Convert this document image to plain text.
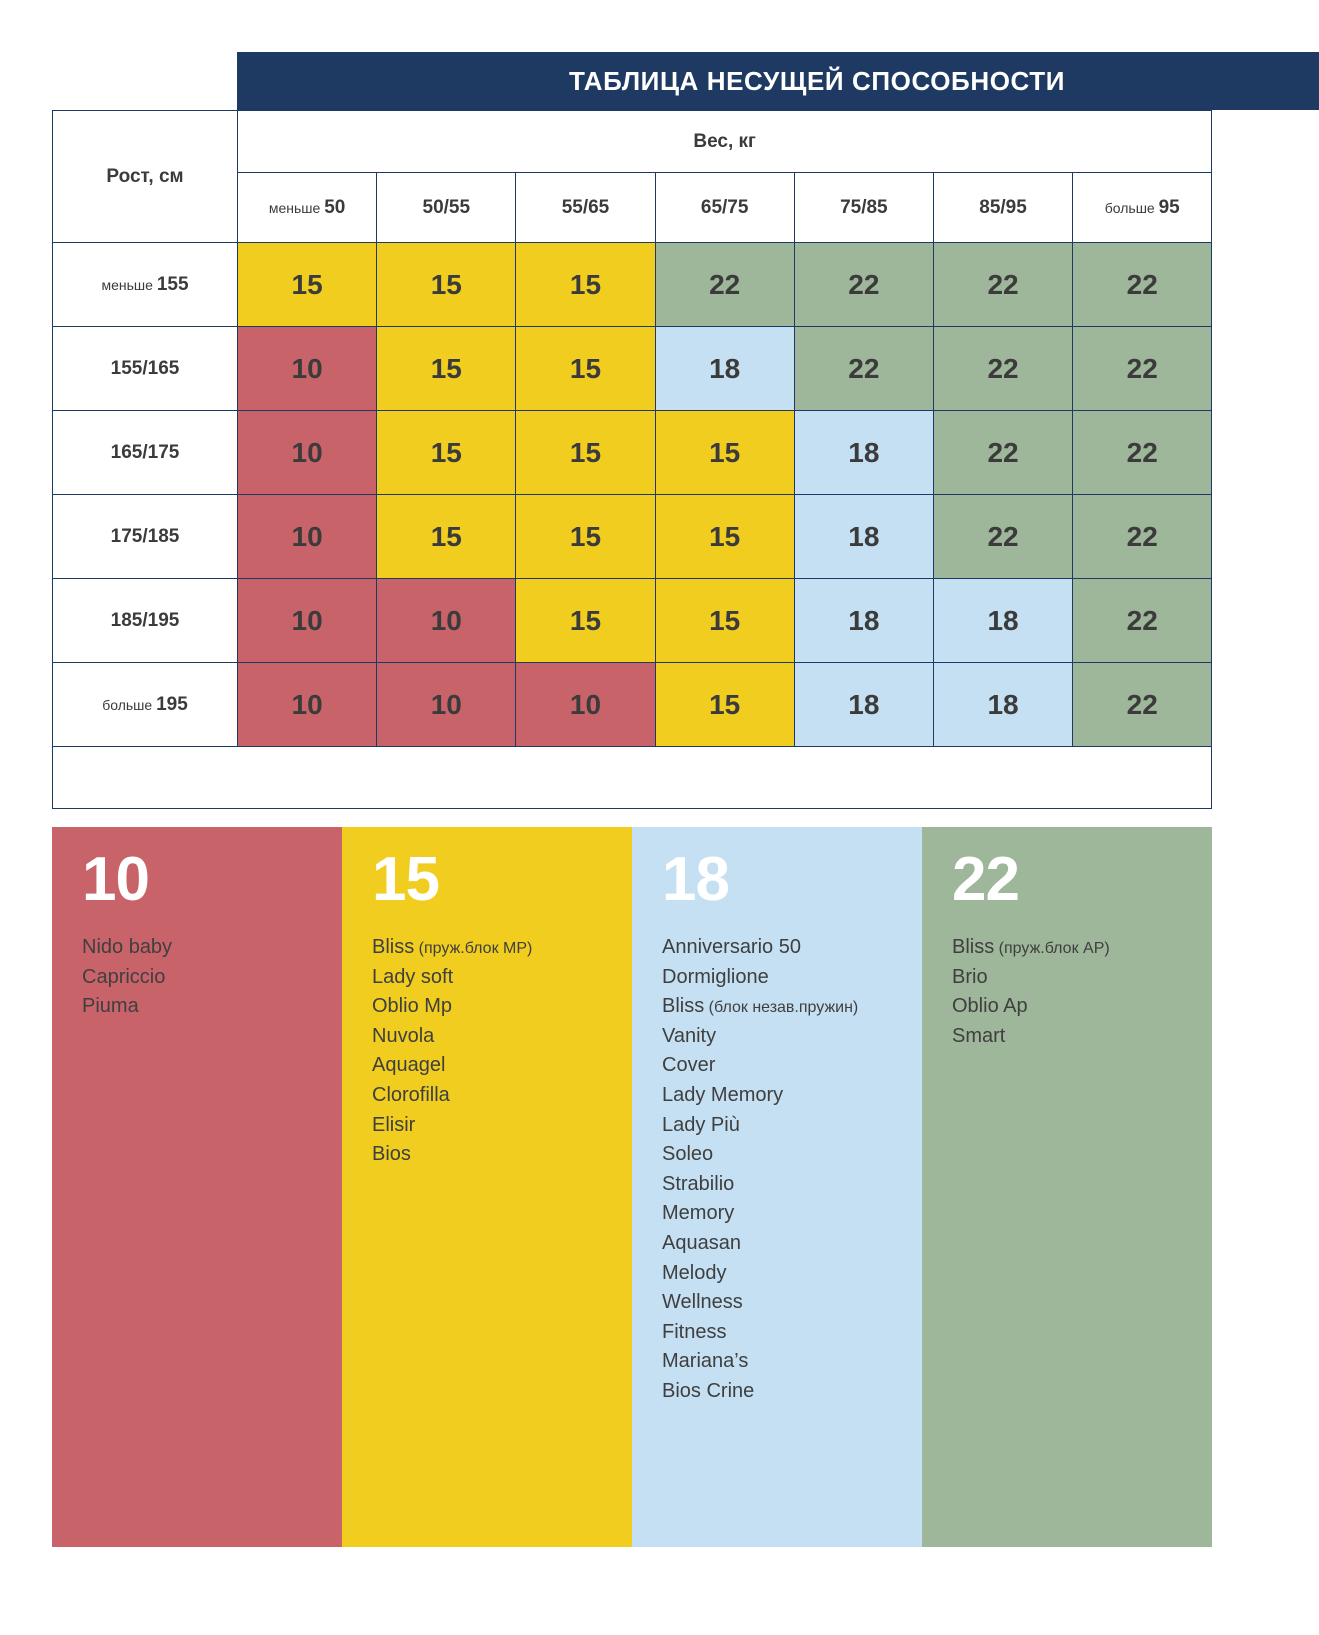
ТАБЛИЦА НЕСУЩЕЙ СПОСОБНОСТИ
Рост, см	Вес, кг						
	меньше 50	50/55	55/65	65/75	75/85	85/95	больше 95
меньше 155	15	15	15	22	22	22	22
155/165	10	15	15	18	22	22	22
165/175	10	15	15	15	18	22	22
175/185	10	15	15	15	18	22	22
185/195	10	10	15	15	18	18	22
больше 195	10	10	10	15	18	18	22

10
Nido baby
Capriccio
Piuma
15
Bliss (пруж.блок MP)
Lady soft
Oblio Mp
Nuvola
Aquagel
Clorofilla
Elisir
Bios
18
Anniversario 50
Dormiglione
Bliss (блок незав.пружин)
Vanity
Cover
Lady Memory
Lady Più
Soleo
Strabilio
Memory
Aquasan
Melody
Wellness
Fitness
Mariana’s
Bios Crine
22
Bliss (пруж.блок AP)
Brio
Oblio Ap
Smart
